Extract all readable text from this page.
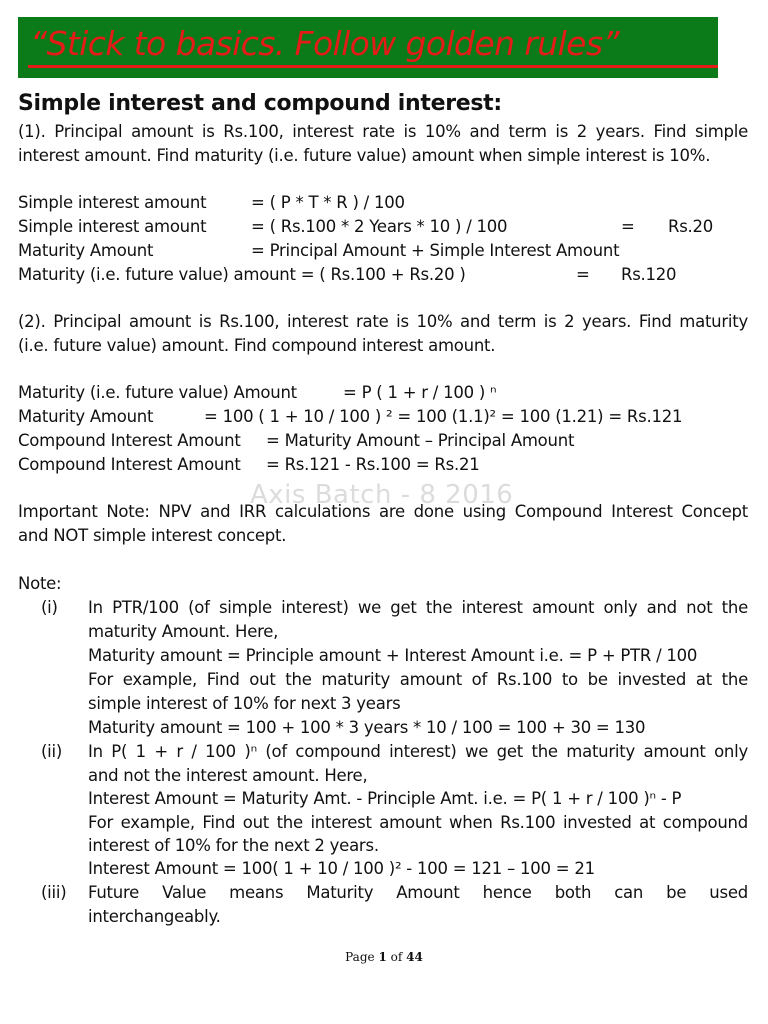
“Stick to basics. Follow golden rules”
Simple interest and compound interest:
(1). Principal amount is Rs.100, interest rate is 10% and term is 2 years. Find simple
interest amount. Find maturity (i.e. future value) amount when simple interest is 10%.
Simple interest amount	= ( P * T * R ) / 100
Simple interest amount	= ( Rs.100 * 2 Years * 10 ) / 100	= Rs.20
Maturity Amount	= Principal Amount + Simple Interest Amount
Maturity (i.e. future value) amount = ( Rs.100 + Rs.20 )	= Rs.120
(2). Principal amount is Rs.100, interest rate is 10% and term is 2 years. Find maturity
(i.e. future value) amount. Find compound interest amount.
Maturity (i.e. future value) Amount	= P ( 1 + r / 100 ) ⁿ
Maturity Amount	= 100 ( 1 + 10 / 100 ) ² = 100 (1.1)² = 100 (1.21) = Rs.121
Compound Interest Amount = Maturity Amount – Principal Amount
Compound Interest Amount = Rs.121 - Rs.100 = Rs.21
Axis Batch - 8 2016
Important Note: NPV and IRR calculations are done using Compound Interest Concept
and NOT simple interest concept.
Note:
(i) In PTR/100 (of simple interest) we get the interest amount only and not the
maturity Amount. Here,
Maturity amount = Principle amount + Interest Amount i.e. = P + PTR / 100
For example, Find out the maturity amount of Rs.100 to be invested at the
simple interest of 10% for next 3 years
Maturity amount = 100 + 100 * 3 years * 10 / 100 = 100 + 30 = 130
(ii) In P( 1 + r / 100 )ⁿ (of compound interest) we get the maturity amount only
and not the interest amount. Here,
Interest Amount = Maturity Amt. - Principle Amt. i.e. = P( 1 + r / 100 )ⁿ - P
For example, Find out the interest amount when Rs.100 invested at compound
interest of 10% for the next 2 years.
Interest Amount = 100( 1 + 10 / 100 )² - 100 = 121 – 100 = 21
(iii) Future Value means Maturity Amount hence both can be used
interchangeably.
Page 1 of 44
